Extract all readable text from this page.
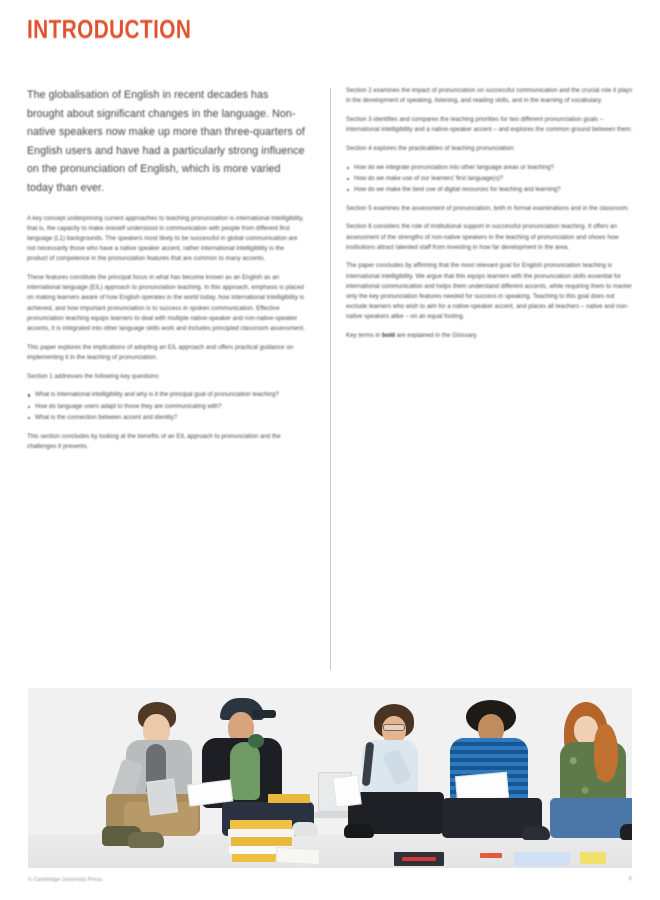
INTRODUCTION

The globalisation of English in recent decades has brought about significant changes in the language. Non-native speakers now make up more than three-quarters of English users and have had a particularly strong influence on the pronunciation of English, which is more varied today than ever.

A key concept underpinning current approaches to teaching pronunciation is international intelligibility, that is, the capacity to make oneself understood in communication with people from different first language (L1) backgrounds. The speakers most likely to be successful in global communication are not necessarily those who have a native speaker accent, rather international intelligibility is the product of competence in the pronunciation features that are common to many accents.

These features constitute the principal focus in what has become known as an English as an international language (EIL) approach to pronunciation teaching. In this approach, emphasis is placed on making learners aware of how English operates in the world today, how international intelligibility is achieved, and how important pronunciation is to success in spoken communication. Effective pronunciation teaching equips learners to deal with multiple native-speaker and non-native-speaker accents, it is integrated into other language skills work and includes principled classroom assessment.

This paper explores the implications of adopting an EIL approach and offers practical guidance on implementing it in the teaching of pronunciation.

Section 1 addresses the following key questions:

What is international intelligibility and why is it the principal goal of pronunciation teaching?
How do language users adapt to those they are communicating with?
What is the connection between accent and identity?

This section concludes by looking at the benefits of an EIL approach to pronunciation and the challenges it presents.

Section 2 examines the impact of pronunciation on successful communication and the crucial role it plays in the development of speaking, listening, and reading skills, and in the learning of vocabulary.

Section 3 identifies and compares the teaching priorities for two different pronunciation goals – international intelligibility and a native-speaker accent – and explores the common ground between them.

Section 4 explores the practicalities of teaching pronunciation:

How do we integrate pronunciation into other language areas or teaching?
How do we make use of our learners' first language(s)?
How do we make the best use of digital resources for teaching and learning?

Section 5 examines the assessment of pronunciation, both in formal examinations and in the classroom.

Section 6 considers the role of institutional support in successful pronunciation teaching. It offers an assessment of the strengths of non-native speakers in the teaching of pronunciation and shows how institutions attract talented staff from investing in how far development in the area.

The paper concludes by affirming that the most relevant goal for English pronunciation teaching is international intelligibility. We argue that this equips learners with the pronunciation skills essential for international communication and helps them understand different accents, while requiring them to master only the key pronunciation features needed for success in speaking. Teaching to this goal does not exclude learners who wish to aim for a native-speaker accent, and places all teachers – native and non-native speakers alike – on an equal footing.

Key terms in bold are explained in the Glossary.

© Cambridge University Press	5
